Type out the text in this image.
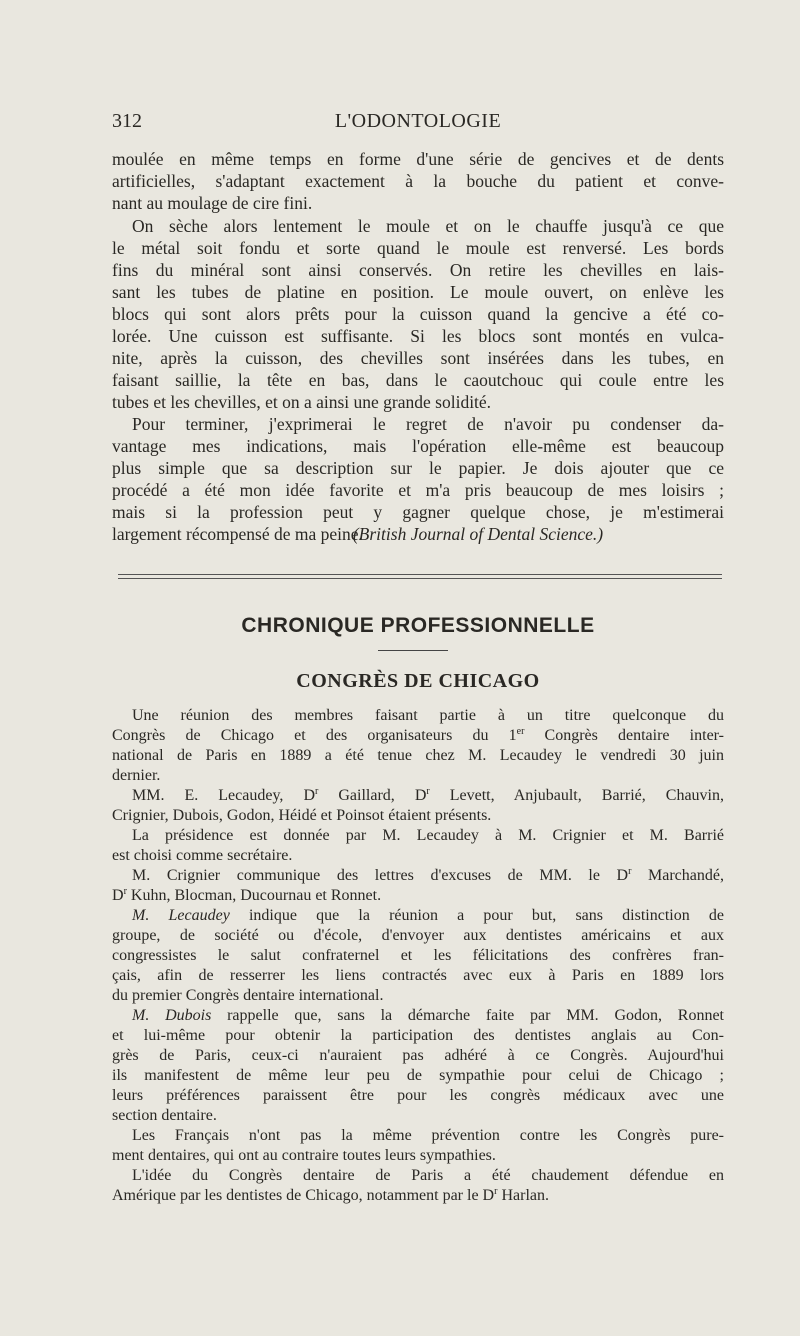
312	L'ODONTOLOGIE

moulée en même temps en forme d'une série de gencives et de dents
artificielles, s'adaptant exactement à la bouche du patient et conve-
nant au moulage de cire fini.

On sèche alors lentement le moule et on le chauffe jusqu'à ce que
le métal soit fondu et sorte quand le moule est renversé. Les bords
fins du minéral sont ainsi conservés. On retire les chevilles en lais-
sant les tubes de platine en position. Le moule ouvert, on enlève les
blocs qui sont alors prêts pour la cuisson quand la gencive a été co-
lorée. Une cuisson est suffisante. Si les blocs sont montés en vulca-
nite, après la cuisson, des chevilles sont insérées dans les tubes, en
faisant saillie, la tête en bas, dans le caoutchouc qui coule entre les
tubes et les chevilles, et on a ainsi une grande solidité.

Pour terminer, j'exprimerai le regret de n'avoir pu condenser da-
vantage mes indications, mais l'opération elle-même est beaucoup
plus simple que sa description sur le papier. Je dois ajouter que ce
procédé a été mon idée favorite et m'a pris beaucoup de mes loisirs ;
mais si la profession peut y gagner quelque chose, je m'estimerai
largement récompensé de ma peine.

(British Journal of Dental Science.)

CHRONIQUE PROFESSIONNELLE
CONGRÈS DE CHICAGO

Une réunion des membres faisant partie à un titre quelconque du
Congrès de Chicago et des organisateurs du 1er Congrès dentaire inter-
national de Paris en 1889 a été tenue chez M. Lecaudey le vendredi 30 juin
dernier.

MM. E. Lecaudey, $D^r$ Gaillard, $D^r$ Levett, Anjubault, Barrié, Chauvin,
Crignier, Dubois, Godon, Héidé et Poinsot étaient présents.

La présidence est donnée par M. Lecaudey à M. Crignier et M. Barrié
est choisi comme secrétaire.

M. Crignier communique des lettres d'excuses de MM. le $D^r$ Marchandé,
$D^r$ Kuhn, Blocman, Ducournau et Ronnet.

M. Lecaudey indique que la réunion a pour but, sans distinction de
groupe, de société ou d'école, d'envoyer aux dentistes américains et aux
congressistes le salut confraternel et les félicitations des confrères fran-
çais, afin de resserrer les liens contractés avec eux à Paris en 1889 lors
du premier Congrès dentaire international.

M. Dubois rappelle que, sans la démarche faite par MM. Godon, Ronnet
et lui-même pour obtenir la participation des dentistes anglais au Con-
grès de Paris, ceux-ci n'auraient pas adhéré à ce Congrès. Aujourd'hui
ils manifestent de même leur peu de sympathie pour celui de Chicago ;
leurs préférences paraissent être pour les congrès médicaux avec une
section dentaire.

Les Français n'ont pas la même prévention contre les Congrès pure-
ment dentaires, qui ont au contraire toutes leurs sympathies.

L'idée du Congrès dentaire de Paris a été chaudement défendue en
Amérique par les dentistes de Chicago, notamment par le $D^r$ Harlan.
